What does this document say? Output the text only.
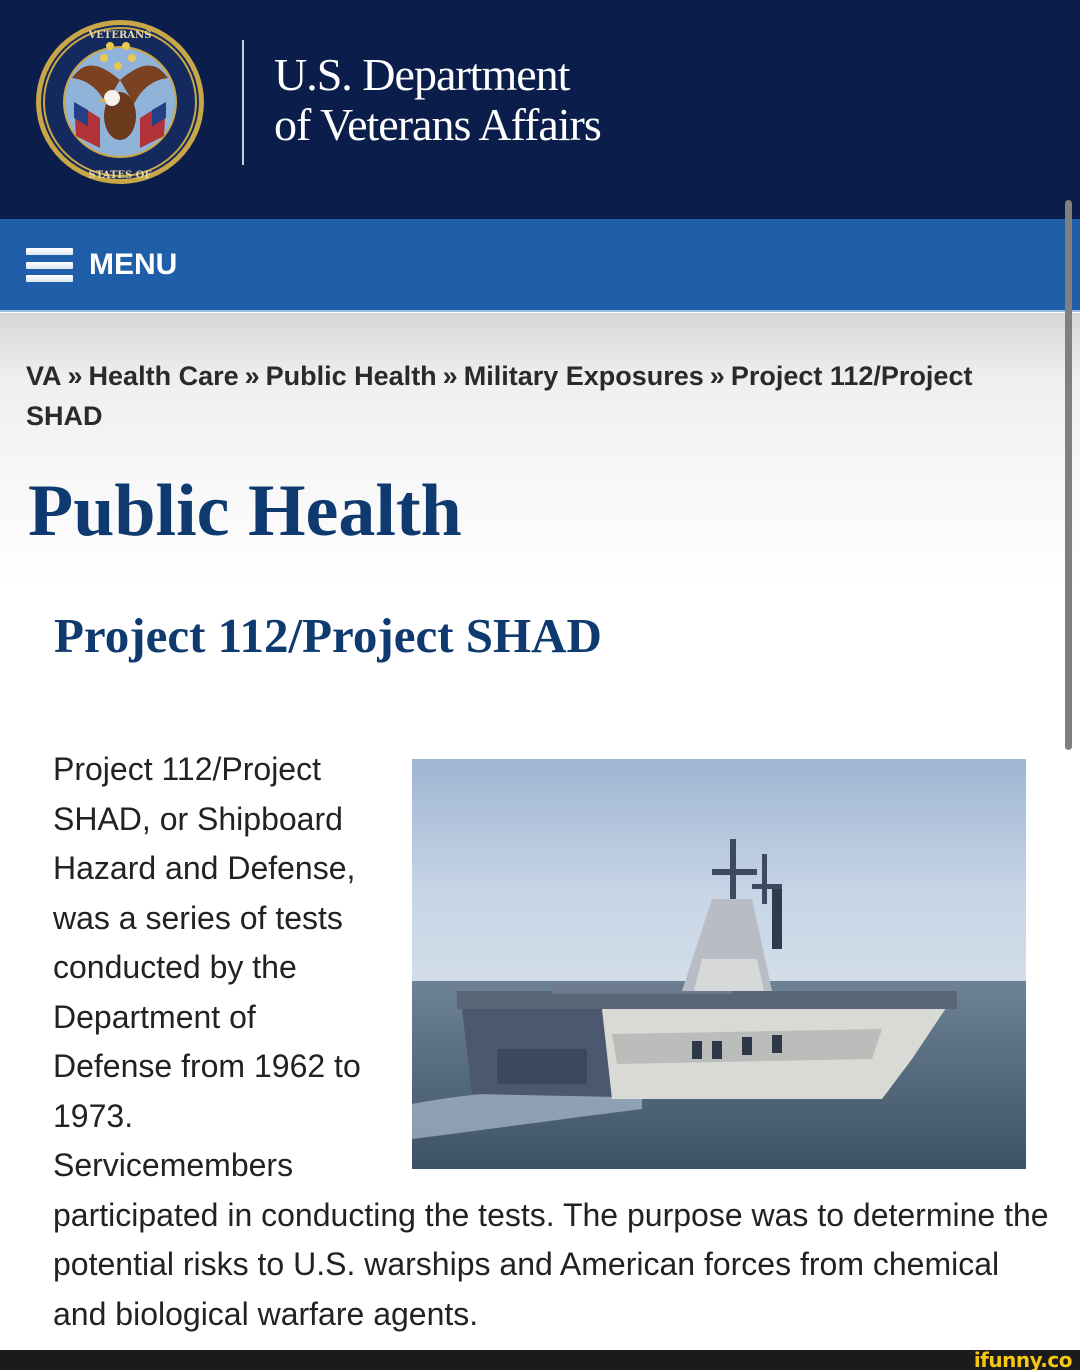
VETERANS
STATES OF
U.S. Department
of Veterans Affairs
MENU
VA » Health Care » Public Health » Military Exposures » Project 112/Project SHAD
Public Health
Project 112/Project SHAD
Project 112/Project SHAD, or Shipboard Hazard and Defense, was a series of tests conducted by the Department of Defense from 1962 to 1973. Servicemembers participated in conducting the tests. The purpose was to determine the potential risks to U.S. warships and American forces from chemical and biological warfare agents.
ifunny.co
